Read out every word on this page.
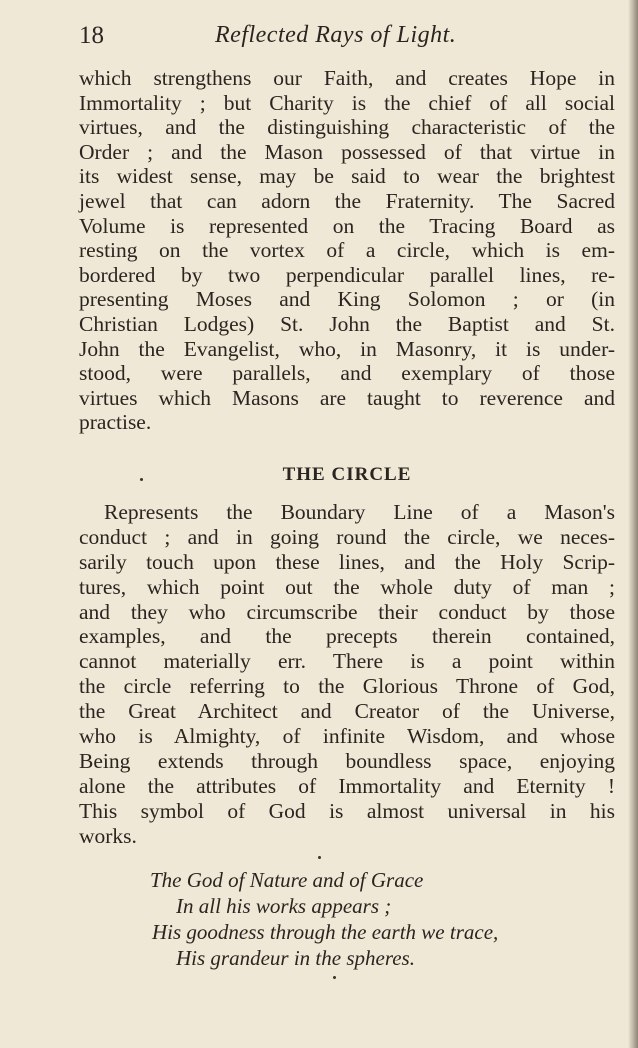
18	Reflected Rays of Light.
which strengthens our Faith, and creates Hope in
Immortality ; but Charity is the chief of all social
virtues, and the distinguishing characteristic of the
Order ; and the Mason possessed of that virtue in
its widest sense, may be said to wear the brightest
jewel that can adorn the Fraternity. The Sacred
Volume is represented on the Tracing Board as
resting on the vortex of a circle, which is em-
bordered by two perpendicular parallel lines, re-
presenting Moses and King Solomon ; or (in
Christian Lodges) St. John the Baptist and St.
John the Evangelist, who, in Masonry, it is under-
stood, were parallels, and exemplary of those
virtues which Masons are taught to reverence and
practise.
THE CIRCLE
Represents the Boundary Line of a Mason's
conduct ; and in going round the circle, we neces-
sarily touch upon these lines, and the Holy Scrip-
tures, which point out the whole duty of man ;
and they who circumscribe their conduct by those
examples, and the precepts therein contained,
cannot materially err. There is a point within
the circle referring to the Glorious Throne of God,
the Great Architect and Creator of the Universe,
who is Almighty, of infinite Wisdom, and whose
Being extends through boundless space, enjoying
alone the attributes of Immortality and Eternity !
This symbol of God is almost universal in his
works.
The God of Nature and of Grace
In all his works appears ;
His goodness through the earth we trace,
His grandeur in the spheres.
